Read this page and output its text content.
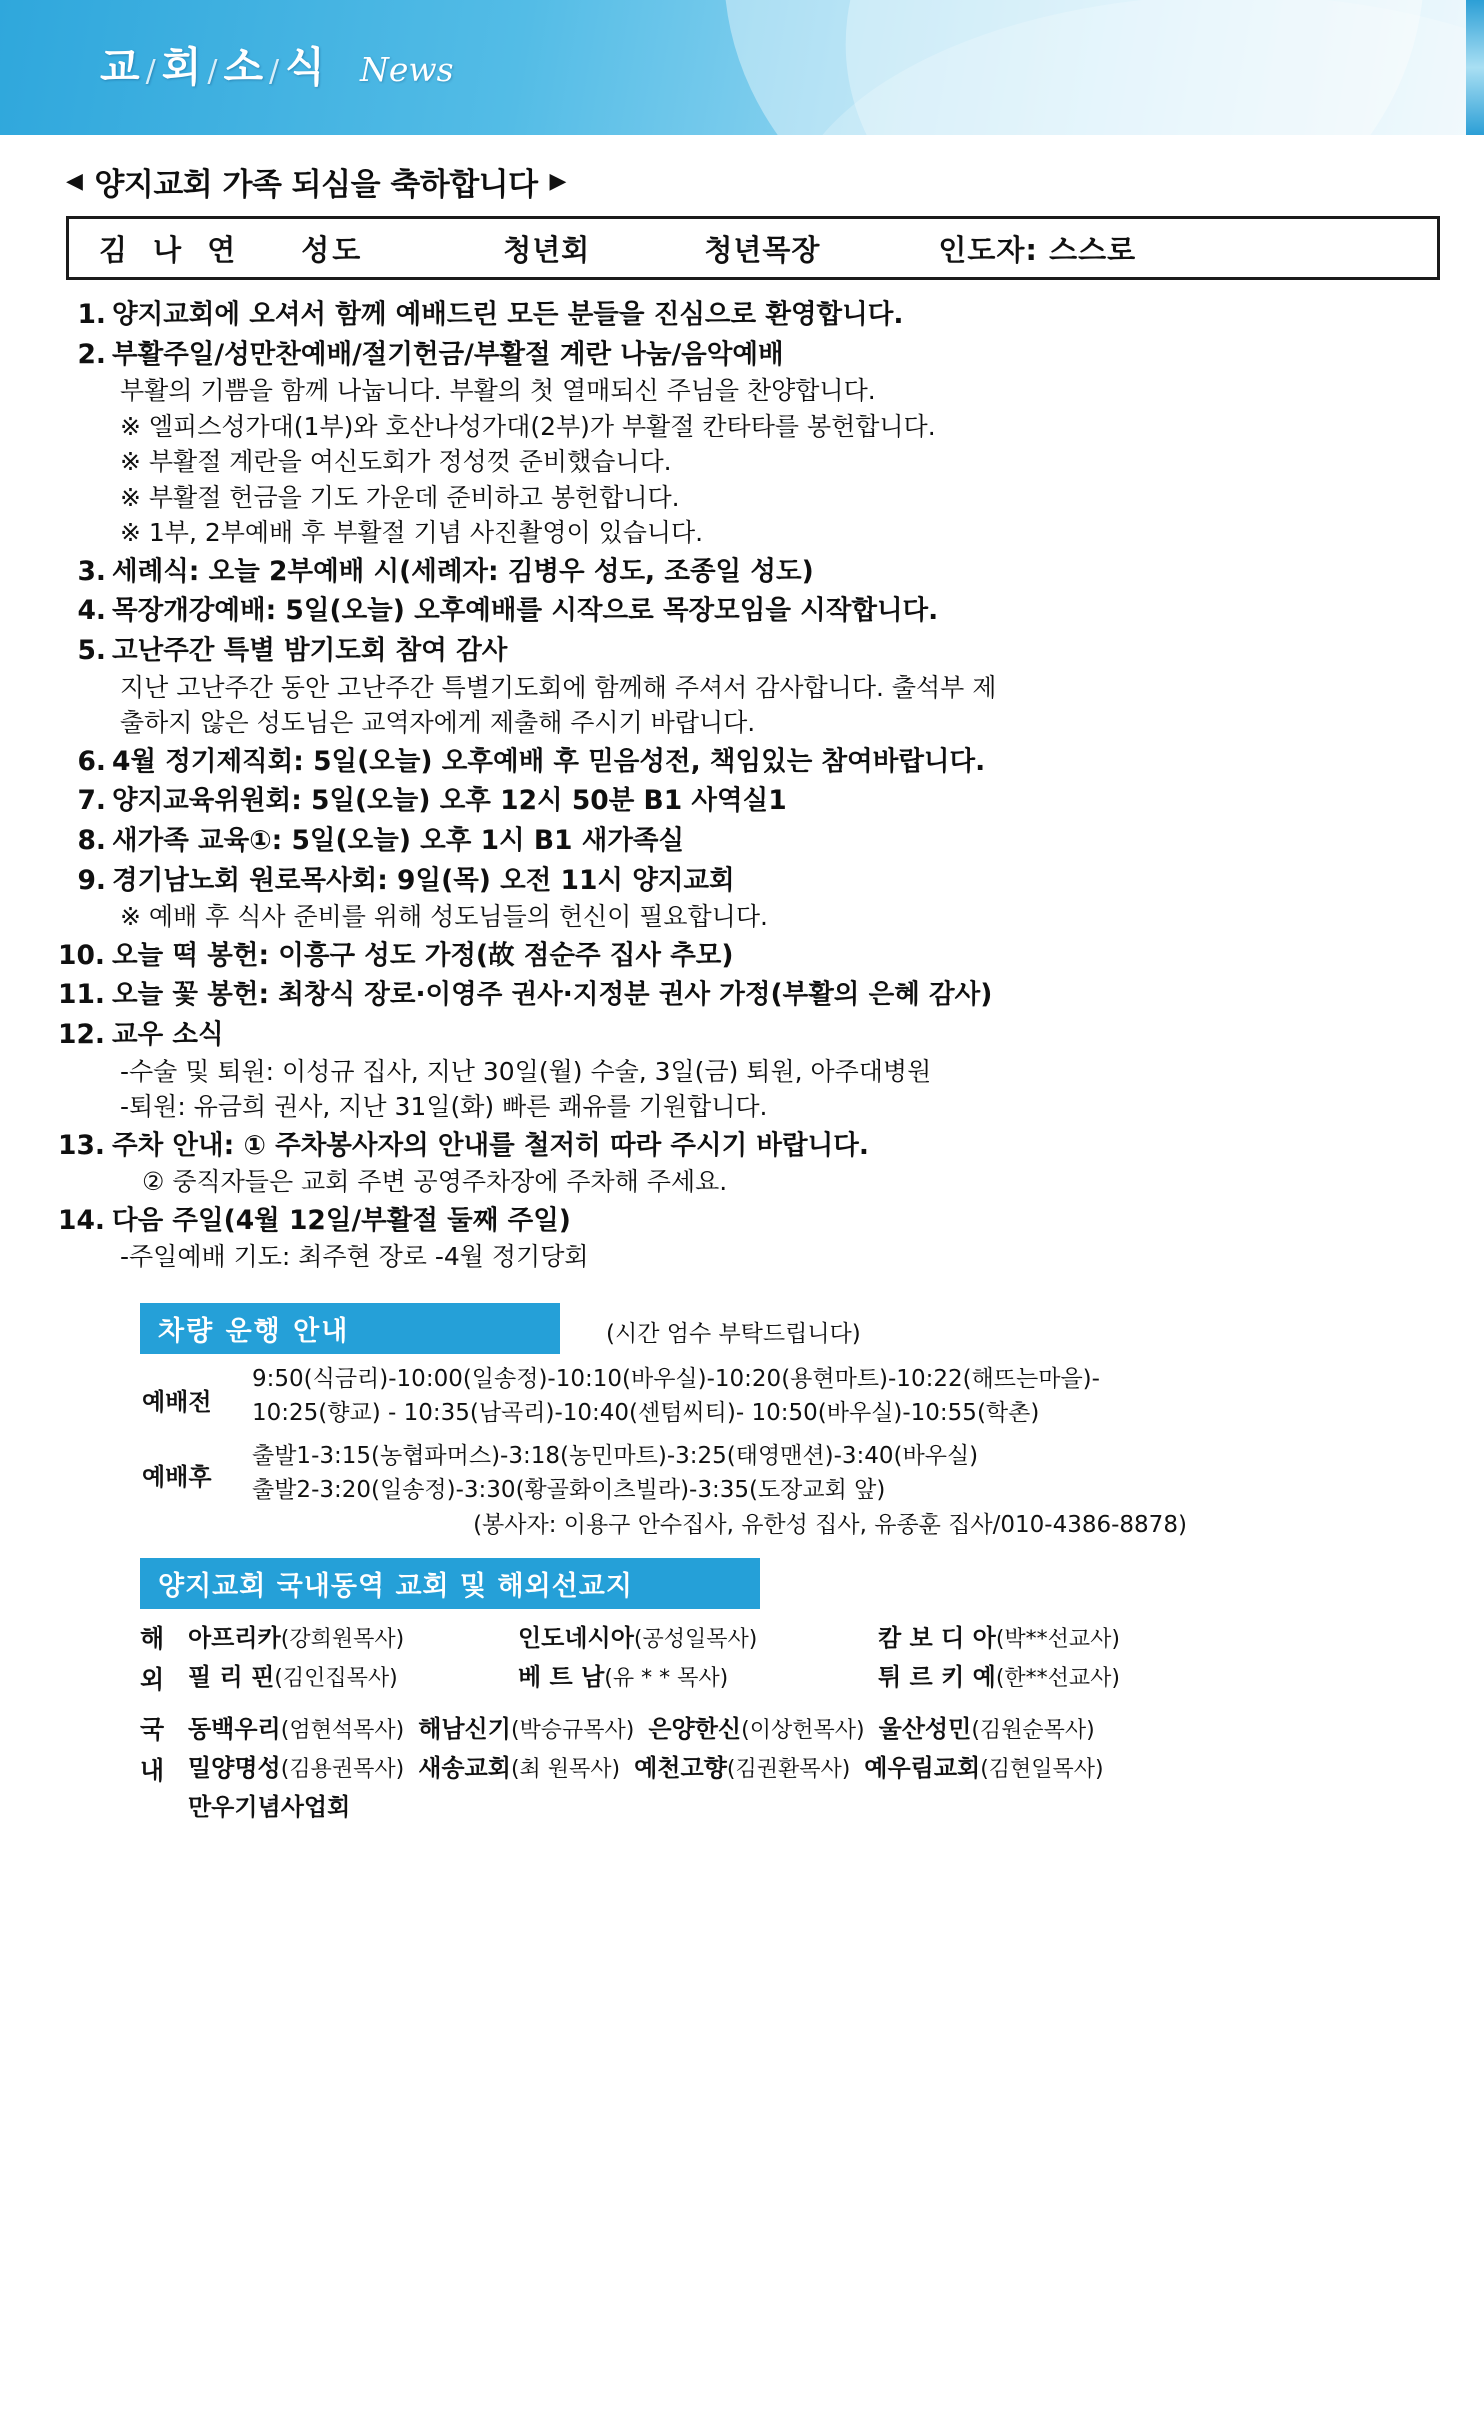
교/회/소/식 News
◀ 양지교회 가족 되심을 축하합니다 ▶
김 나 연	성도	청년회	청년목장	인도자: 스스로
1. 양지교회에 오셔서 함께 예배드린 모든 분들을 진심으로 환영합니다.
2. 부활주일/성만찬예배/절기헌금/부활절 계란 나눔/음악예배
부활의 기쁨을 함께 나눕니다. 부활의 첫 열매되신 주님을 찬양합니다.
※ 엘피스성가대(1부)와 호산나성가대(2부)가 부활절 칸타타를 봉헌합니다.
※ 부활절 계란을 여신도회가 정성껏 준비했습니다.
※ 부활절 헌금을 기도 가운데 준비하고 봉헌합니다.
※ 1부, 2부예배 후 부활절 기념 사진촬영이 있습니다.
3. 세례식: 오늘 2부예배 시(세례자: 김병우 성도, 조종일 성도)
4. 목장개강예배: 5일(오늘) 오후예배를 시작으로 목장모임을 시작합니다.
5. 고난주간 특별 밤기도회 참여 감사
지난 고난주간 동안 고난주간 특별기도회에 함께해 주셔서 감사합니다. 출석부 제
출하지 않은 성도님은 교역자에게 제출해 주시기 바랍니다.
6. 4월 정기제직회: 5일(오늘) 오후예배 후 믿음성전, 책임있는 참여바랍니다.
7. 양지교육위원회: 5일(오늘) 오후 12시 50분 B1 사역실1
8. 새가족 교육①: 5일(오늘) 오후 1시 B1 새가족실
9. 경기남노회 원로목사회: 9일(목) 오전 11시 양지교회
※ 예배 후 식사 준비를 위해 성도님들의 헌신이 필요합니다.
10. 오늘 떡 봉헌: 이흥구 성도 가정(故 점순주 집사 추모)
11. 오늘 꽃 봉헌: 최창식 장로·이영주 권사·지정분 권사 가정(부활의 은혜 감사)
12. 교우 소식
-수술 및 퇴원: 이성규 집사, 지난 30일(월) 수술, 3일(금) 퇴원, 아주대병원
-퇴원: 유금희 권사, 지난 31일(화) 빠른 쾌유를 기원합니다.
13. 주차 안내: ① 주차봉사자의 안내를 철저히 따라 주시기 바랍니다.
② 중직자들은 교회 주변 공영주차장에 주차해 주세요.
14. 다음 주일(4월 12일/부활절 둘째 주일)
-주일예배 기도: 최주현 장로 -4월 정기당회
차량 운행 안내	(시간 엄수 부탁드립니다)
예배전
9:50(식금리)-10:00(일송정)-10:10(바우실)-10:20(용현마트)-10:22(해뜨는마을)-
10:25(향교) - 10:35(남곡리)-10:40(센텀씨티)- 10:50(바우실)-10:55(학촌)
예배후
출발1-3:15(농협파머스)-3:18(농민마트)-3:25(태영맨션)-3:40(바우실)
출발2-3:20(일송정)-3:30(황골화이츠빌라)-3:35(도장교회 앞)
(봉사자: 이용구 안수집사, 유한성 집사, 유종훈 집사/010-4386-8878)
양지교회 국내동역 교회 및 해외선교지
해
외
아프리카(강희원목사)	인도네시아(공성일목사)	캄 보 디 아(박**선교사)
필 리 핀(김인집목사)	베 트 남(유 * * 목사)	튀 르 키 예(한**선교사)
국
내
동백우리(엄현석목사) 해남신기(박승규목사) 은양한신(이상헌목사) 울산성민(김원순목사)
밀양명성(김용권목사) 새송교회(최 원목사) 예천고향(김권환목사) 예우림교회(김현일목사)
만우기념사업회
